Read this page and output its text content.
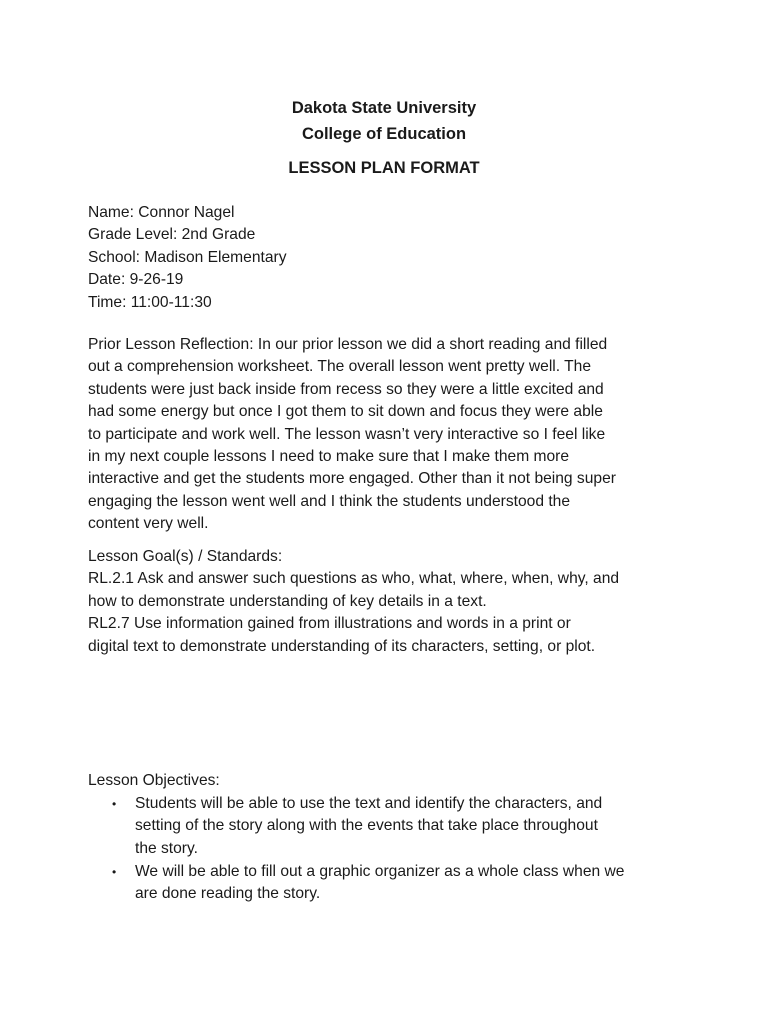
Dakota State University
College of Education
LESSON PLAN FORMAT
Name: Connor Nagel
Grade Level: 2nd Grade
School: Madison Elementary
Date: 9-26-19
Time: 11:00-11:30
Prior Lesson Reflection: In our prior lesson we did a short reading and filled
out a comprehension worksheet. The overall lesson went pretty well. The
students were just back inside from recess so they were a little excited and
had some energy but once I got them to sit down and focus they were able
to participate and work well. The lesson wasn’t very interactive so I feel like
in my next couple lessons I need to make sure that I make them more
interactive and get the students more engaged. Other than it not being super
engaging the lesson went well and I think the students understood the
content very well.
Lesson Goal(s) / Standards:
RL.2.1 Ask and answer such questions as who, what, where, when, why, and
how to demonstrate understanding of key details in a text.
RL2.7 Use information gained from illustrations and words in a print or
digital text to demonstrate understanding of its characters, setting, or plot.
Lesson Objectives:
• Students will be able to use the text and identify the characters, and
setting of the story along with the events that take place throughout
the story.
• We will be able to fill out a graphic organizer as a whole class when we
are done reading the story.
